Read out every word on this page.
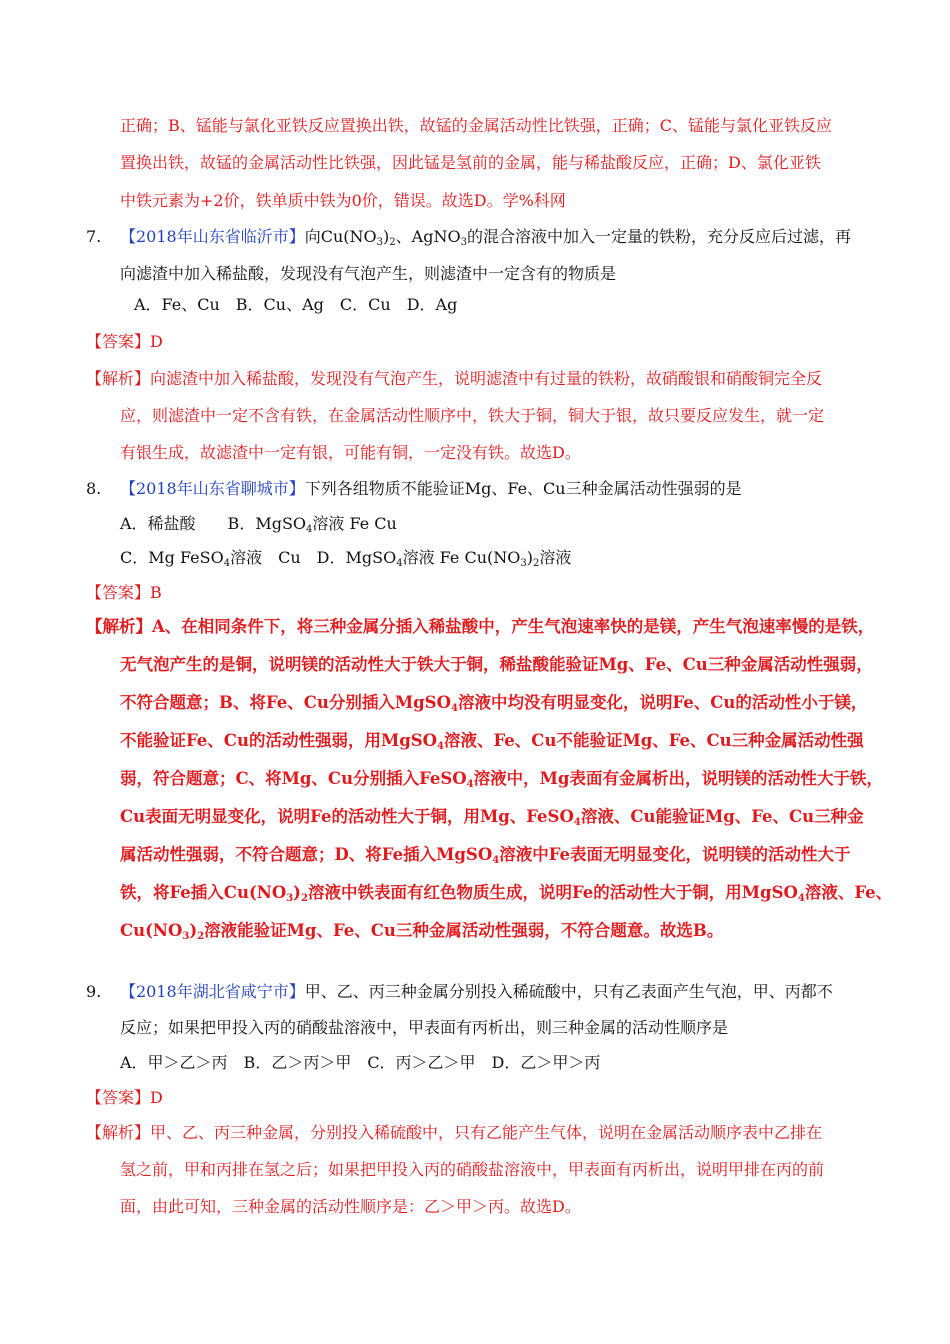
正确；B、锰能与氯化亚铁反应置换出铁，故锰的金属活动性比铁强，正确；C、锰能与氯化亚铁反应
置换出铁，故锰的金属活动性比铁强，因此锰是氢前的金属，能与稀盐酸反应，正确；D、氯化亚铁
中铁元素为+2价，铁单质中铁为0价，错误。故选D。学%科网
7. 【2018年山东省临沂市】向$Cu(NO_3)_2$、AgNO$_3$的混合溶液中加入一定量的铁粉，充分反应后过滤，再
向滤渣中加入稀盐酸，发现没有气泡产生，则滤渣中一定含有的物质是
A．Fe、Cu　B．Cu、Ag　C．Cu　D．Ag
【答案】D
【解析】向滤渣中加入稀盐酸，发现没有气泡产生，说明滤渣中有过量的铁粉，故硝酸银和硝酸铜完全反
应，则滤渣中一定不含有铁，在金属活动性顺序中，铁大于铜，铜大于银，故只要反应发生，就一定
有银生成，故滤渣中一定有银，可能有铜，一定没有铁。故选D。
8. 【2018年山东省聊城市】下列各组物质不能验证Mg、Fe、Cu三种金属活动性强弱的是
A．稀盐酸　　B．MgSO$_4$溶液 Fe Cu
C．Mg FeSO$_4$溶液　Cu　D．MgSO$_4$溶液 Fe $Cu(NO_3)_2$溶液
【答案】B
【解析】A、在相同条件下，将三种金属分插入稀盐酸中，产生气泡速率快的是镁，产生气泡速率慢的是铁，
无气泡产生的是铜，说明镁的活动性大于铁大于铜，稀盐酸能验证Mg、Fe、Cu三种金属活动性强弱，
不符合题意；B、将Fe、Cu分别插入MgSO$_4$溶液中均没有明显变化，说明Fe、Cu的活动性小于镁，
不能验证Fe、Cu的活动性强弱，用MgSO$_4$溶液、Fe、Cu不能验证Mg、Fe、Cu三种金属活动性强
弱，符合题意；C、将Mg、Cu分别插入FeSO$_4$溶液中，Mg表面有金属析出，说明镁的活动性大于铁，
Cu表面无明显变化，说明Fe的活动性大于铜，用Mg、FeSO$_4$溶液、Cu能验证Mg、Fe、Cu三种金
属活动性强弱，不符合题意；D、将Fe插入MgSO$_4$溶液中Fe表面无明显变化，说明镁的活动性大于
铁，将Fe插入$Cu(NO_3)_2$溶液中铁表面有红色物质生成，说明Fe的活动性大于铜，用MgSO$_4$溶液、Fe、
$Cu(NO_3)_2$溶液能验证Mg、Fe、Cu三种金属活动性强弱，不符合题意。故选B。
9. 【2018年湖北省咸宁市】甲、乙、丙三种金属分别投入稀硫酸中，只有乙表面产生气泡，甲、丙都不
反应；如果把甲投入丙的硝酸盐溶液中，甲表面有丙析出，则三种金属的活动性顺序是
A．甲＞乙＞丙　B．乙＞丙＞甲　C．丙＞乙＞甲　D．乙＞甲＞丙
【答案】D
【解析】甲、乙、丙三种金属，分别投入稀硫酸中，只有乙能产生气体，说明在金属活动顺序表中乙排在
氢之前，甲和丙排在氢之后；如果把甲投入丙的硝酸盐溶液中，甲表面有丙析出，说明甲排在丙的前
面，由此可知，三种金属的活动性顺序是：乙＞甲＞丙。故选D。
